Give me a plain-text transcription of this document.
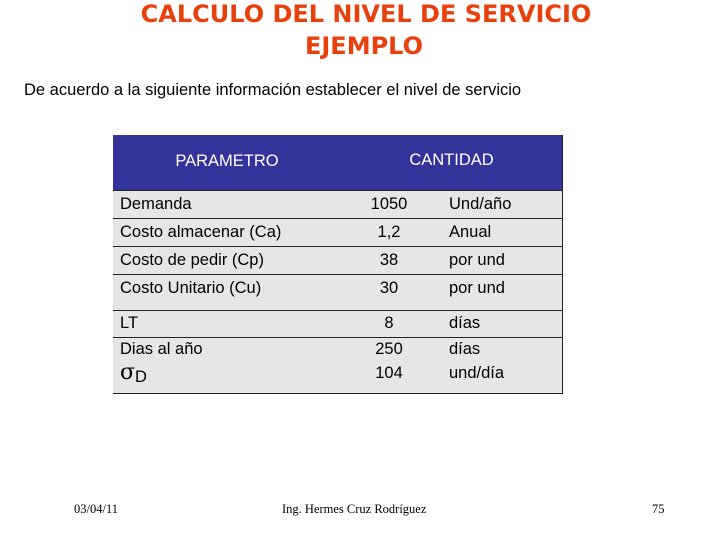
CALCULO DEL NIVEL DE SERVICIO
EJEMPLO
De acuerdo a la siguiente información establecer el nivel de servicio
PARAMETRO	CANTIDAD
Demanda	1050	Und/año
Costo almacenar (Ca)	1,2	Anual
Costo de pedir (Cp)	38	por und
Costo Unitario (Cu)	30	por und
LT	8	días
Dias al año	250	días
σD	104	und/día
03/04/11	Ing. Hermes Cruz Rodríguez	75
